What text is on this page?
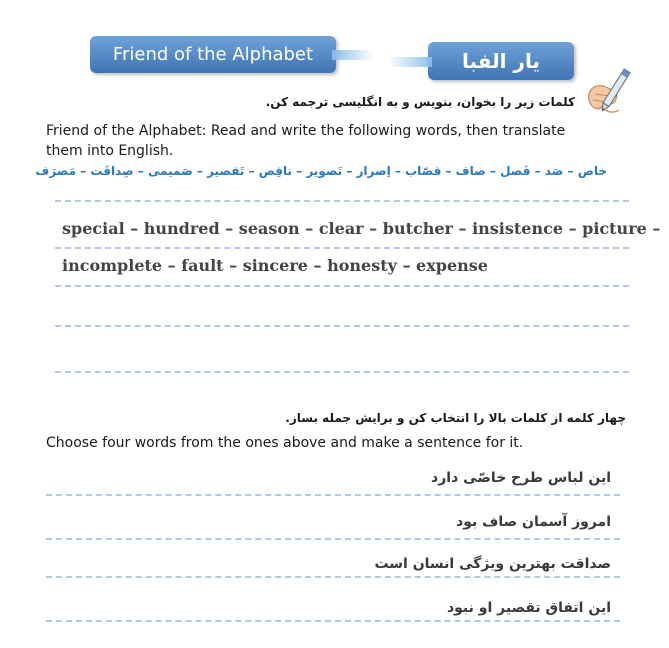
Friend of the Alphabet	یار الفبا
کلمات زیر را بخوان، بنویس و به انگلیسی ترجمه کن.
Friend of the Alphabet: Read and write the following words, then translate
them into English.
خاص – صَد – فَصل – صاف – قصّاب – اِصرار – تَصویر – ناقِص – تَقصیر – صَمیمی – صِداقَت – مَصرَف
special – hundred – season – clear – butcher – insistence – picture –
incomplete – fault – sincere – honesty – expense
چهار کلمه از کلمات بالا را انتخاب کن و برایش جمله بساز.
Choose four words from the ones above and make a sentence for it.
این لباس طرح خاصّی دارد
امروز آسمان صاف بود
صداقت بهترین ویژگی انسان است
این اتفاق تقصیر او نبود
